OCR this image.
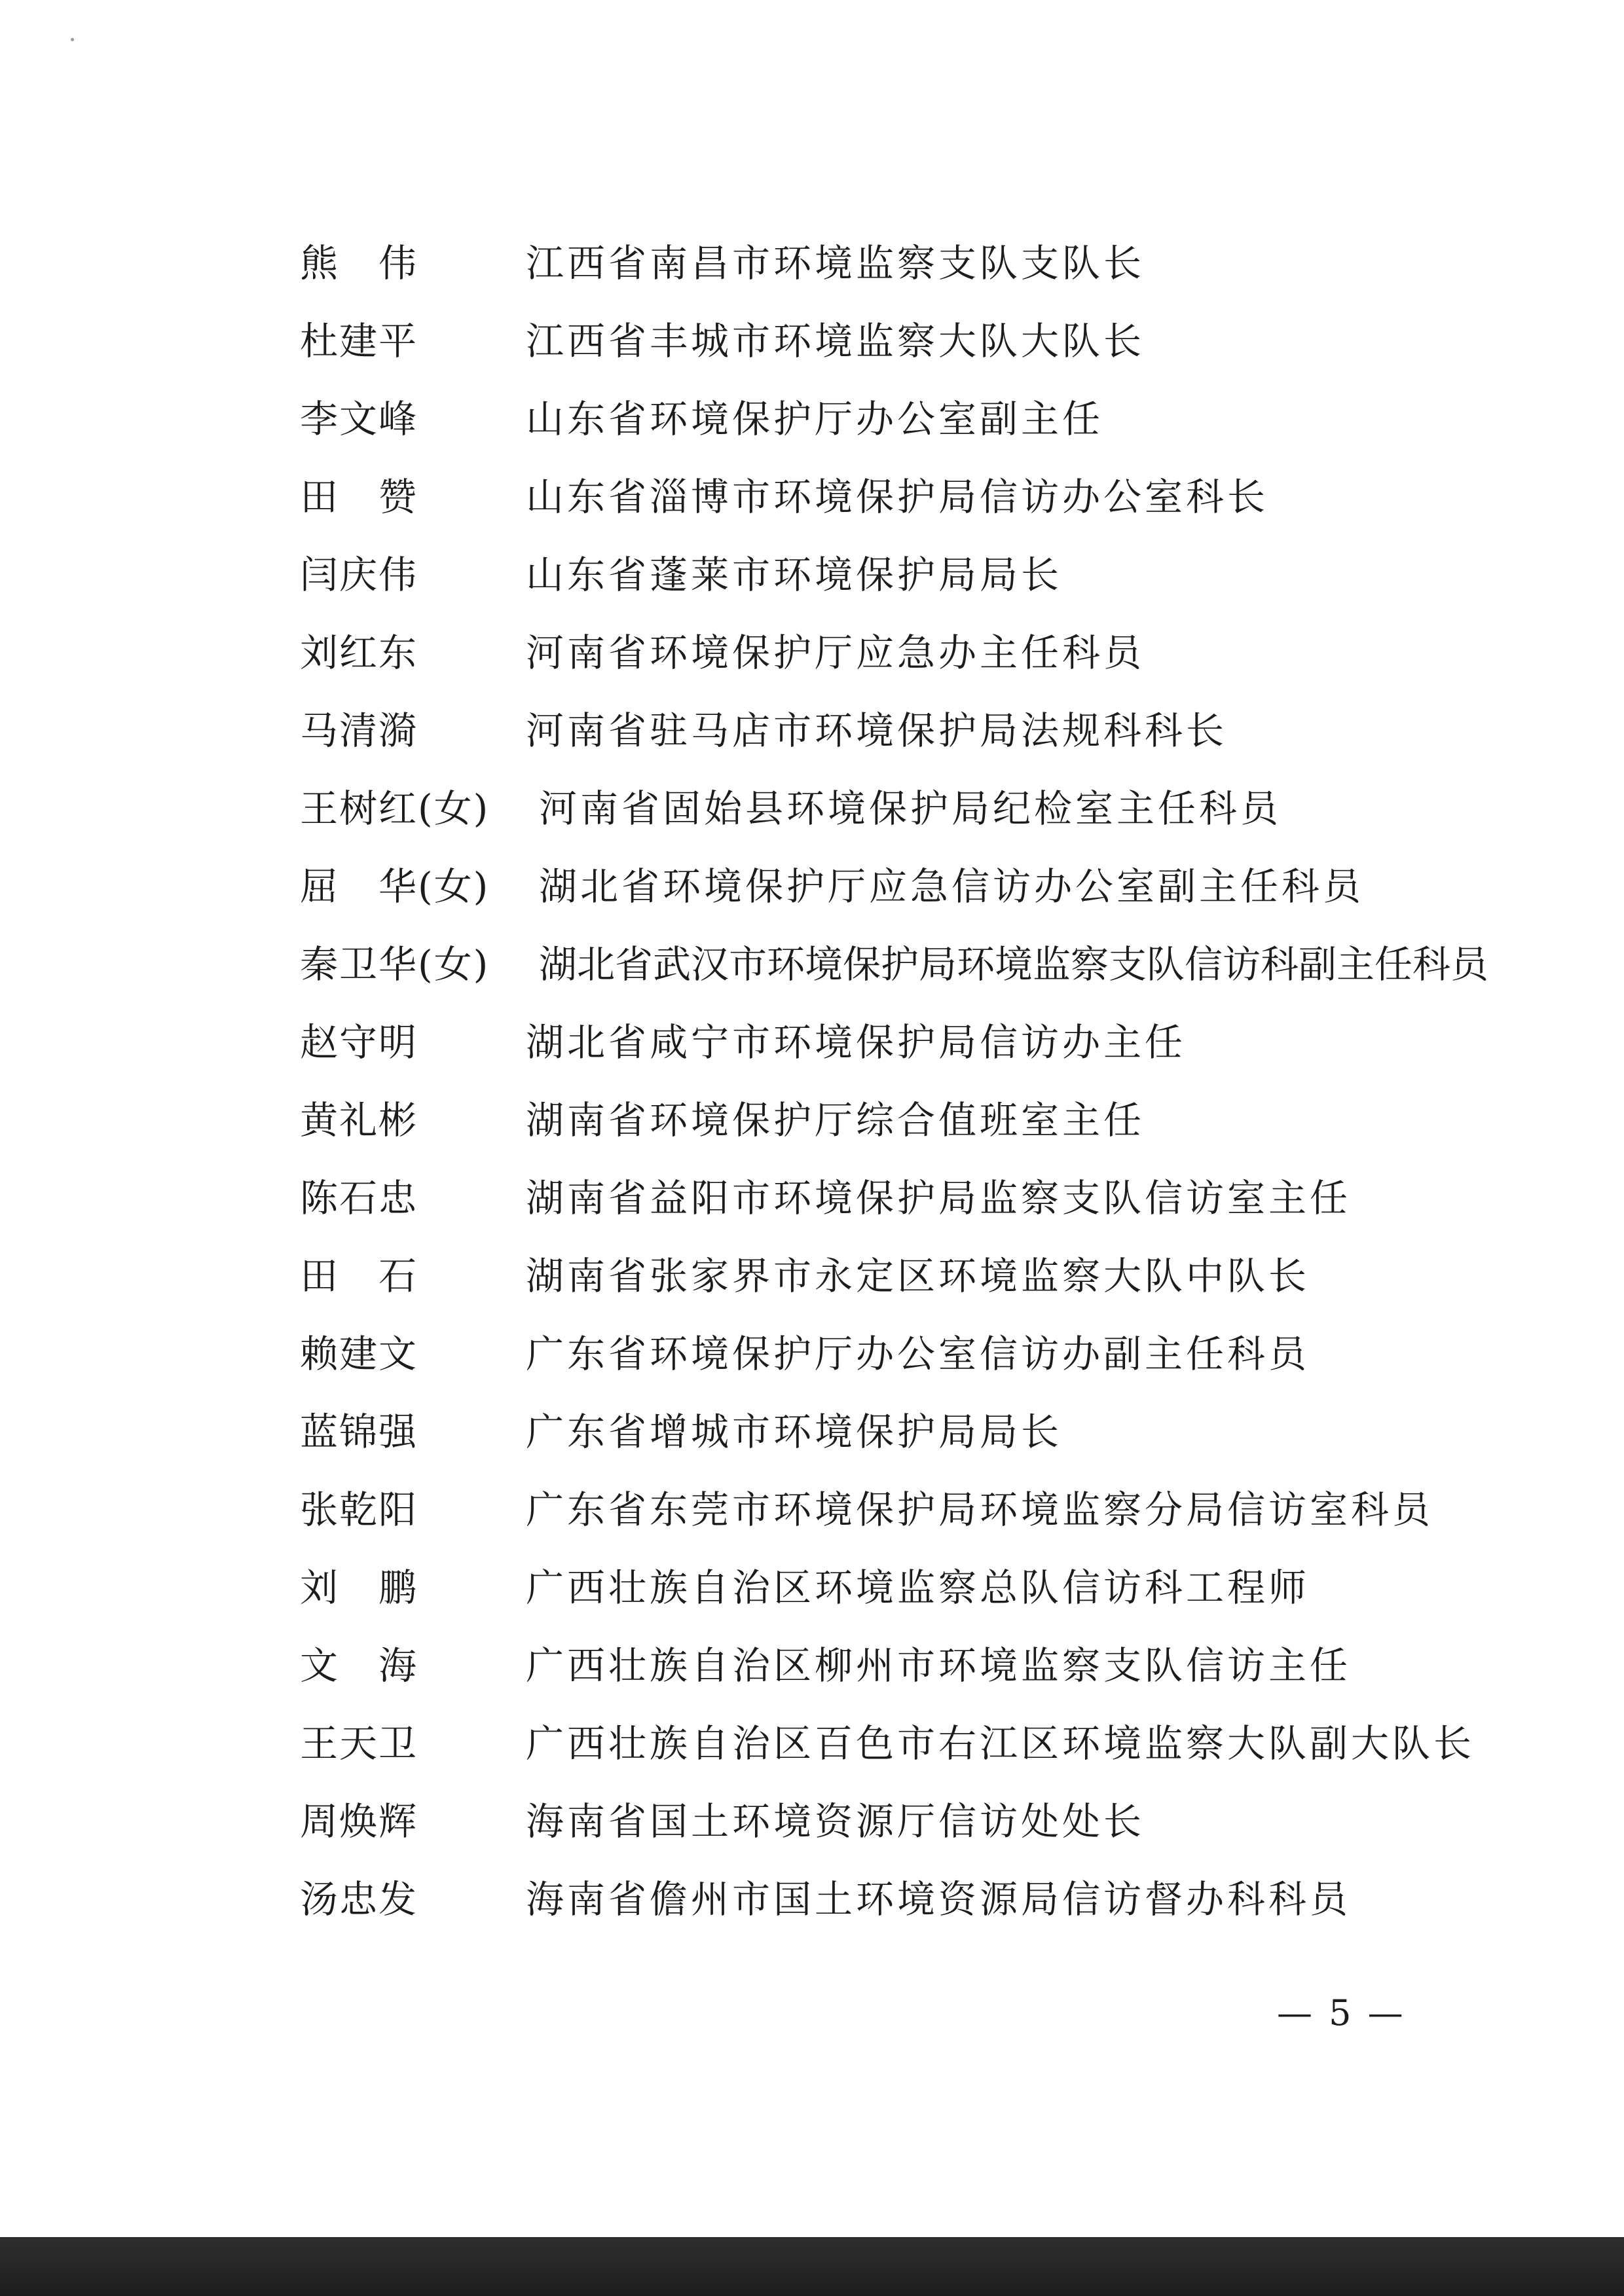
熊　伟	江西省南昌市环境监察支队支队长
杜建平	江西省丰城市环境监察大队大队长
李文峰	山东省环境保护厅办公室副主任
田　赞	山东省淄博市环境保护局信访办公室科长
闫庆伟	山东省蓬莱市环境保护局局长
刘红东	河南省环境保护厅应急办主任科员
马清漪	河南省驻马店市环境保护局法规科科长
王树红(女) 河南省固始县环境保护局纪检室主任科员
屈　华(女) 湖北省环境保护厅应急信访办公室副主任科员
秦卫华(女) 湖北省武汉市环境保护局环境监察支队信访科副主任科员
赵守明	湖北省咸宁市环境保护局信访办主任
黄礼彬	湖南省环境保护厅综合值班室主任
陈石忠	湖南省益阳市环境保护局监察支队信访室主任
田　石	湖南省张家界市永定区环境监察大队中队长
赖建文	广东省环境保护厅办公室信访办副主任科员
蓝锦强	广东省增城市环境保护局局长
张乾阳	广东省东莞市环境保护局环境监察分局信访室科员
刘　鹏	广西壮族自治区环境监察总队信访科工程师
文　海	广西壮族自治区柳州市环境监察支队信访主任
王天卫	广西壮族自治区百色市右江区环境监察大队副大队长
周焕辉	海南省国土环境资源厅信访处处长
汤忠发	海南省儋州市国土环境资源局信访督办科科员
— 5 —
